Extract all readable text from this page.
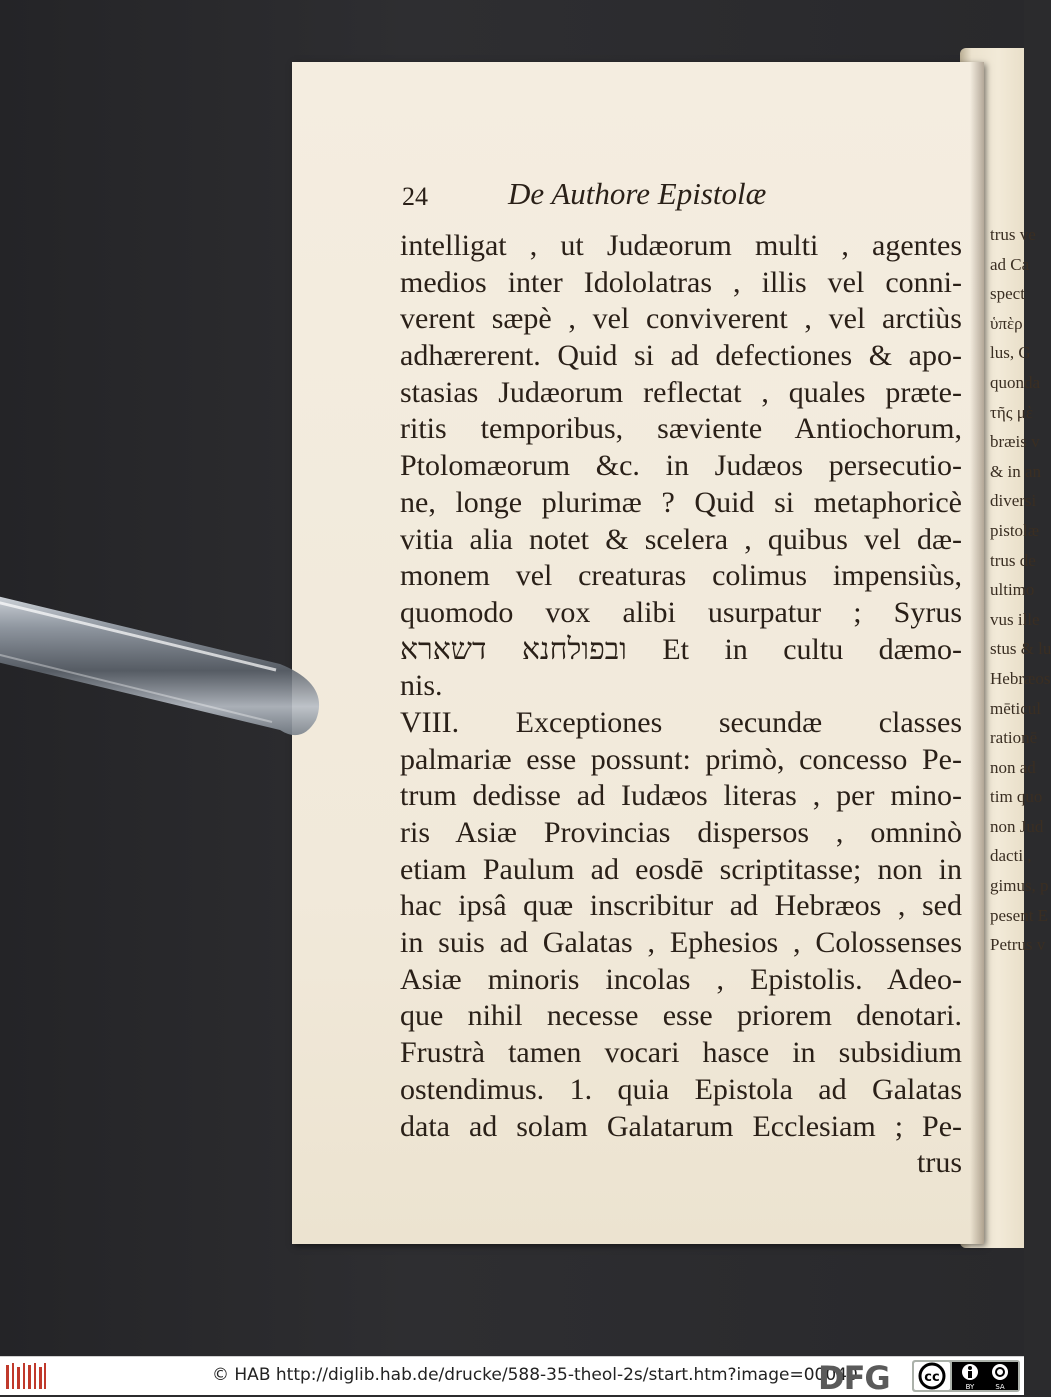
trus ve
ad Ca
spect
ὑπὲρ
lus, G
quonda
τῆς μὲ
bræis v
& in an
diversi
pistolæ
trus de
ultimo
vus ille
stus & lu
Hebræos
mēticul
rationē
non ad
tim quo
non Jud
dacti ,
gimus, p
pesent E
Petrus v
24	De Authore Epistolæ
intelligat , ut Judæorum multi , agentes
medios inter Idololatras , illis vel conni-
verent sæpè , vel conviverent , vel arctiùs
adhærerent. Quid si ad defectiones & apo-
stasias Judæorum reflectat , quales præte-
ritis temporibus, sæviente Antiochorum,
Ptolomæorum &c. in Judæos persecutio-
ne, longe plurimæ ? Quid si metaphoricè
vitia alia notet & scelera , quibus vel dæ-
monem vel creaturas colimus impensiùs,
quomodo vox alibi usurpatur ; Syrus
ובפולחנא דשארא Et in cultu dæmo-
nis.
VIII. Exceptiones secundæ classes
palmariæ esse possunt: primò, concesso Pe-
trum dedisse ad Iudæos literas , per mino-
ris Asiæ Provincias dispersos , omninò
etiam Paulum ad eosdē scriptitasse; non in
hac ipsâ quæ inscribitur ad Hebræos , sed
in suis ad Galatas , Ephesios , Colossenses
Asiæ minoris incolas , Epistolis. Adeo-
que nihil necesse esse priorem denotari.
Frustrà tamen vocari hasce in subsidium
ostendimus. 1. quia Epistola ad Galatas
data ad solam Galatarum Ecclesiam ; Pe-
trus
© HAB http://diglib.hab.de/drucke/588-35-theol-2s/start.htm?image=00040
DFG	cc
BY	SA
